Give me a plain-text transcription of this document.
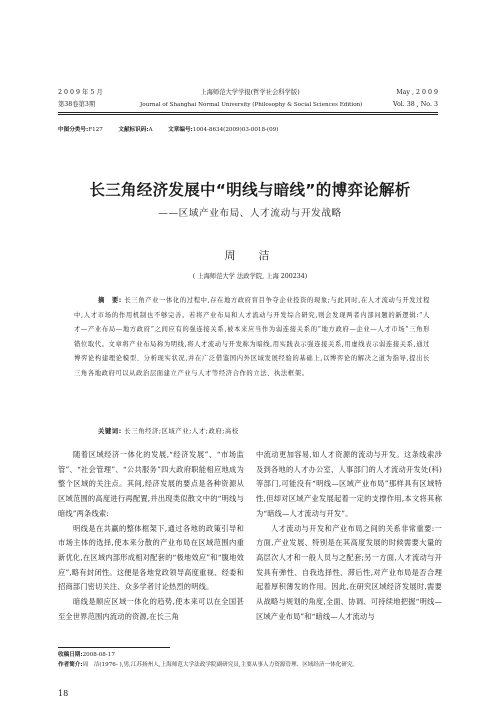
2 0 0 9 年 5 月	上海师范大学学报(哲学社会科学版)	May , 2 0 0 9
第38卷第3期	Journal of Shanghai Normal University (Philosophy & Social Sciences Edition)	Vol. 38 , No. 3
中图分类号:F127	文献标识码:A	文章编号:1004-8634(2009)03-0018-(09)
长三角经济发展中“明线与暗线”的博弈论解析
——区域产业布局、人才流动与开发战略
周　洁
( 上海师范大学 法政学院, 上海 200234)
摘　要: 长三角产业一体化的过程中,存在地方政府盲目争夺企业投资的现象;与此同时,在人才流动与开发过程中,人才市场的作用机制也不够完善。若将产业布局和人才流动与开发综合研究,则会发现两者内部问题的新逻辑:“人才—产业布局—地方政府”之间应有的强连接关系,被本来应当作为弱连接关系的“地方政府—企业—人才市场”三角形错位取代。文章将产业布局称为明线,将人才流动与开发称为暗线,用实践表示强连接关系,用虚线表示弱连接关系,通过博弈论构建理论模型、分析现实状况,并在广泛借鉴国内外区域发展经验的基础上,以博弈论的解决之道为指导,提出长三角各地政府可以从政治层面建立产业与人才等经济合作的立法、执法框架。
关键词: 长三角经济;区域产业;人才;政府;高校

随着区域经济一体化的发展,“经济发展”、“市场监管”、“社会管理”、“公共服务”四大政府职能相应地成为整个区域的关注点。其间,经济发展的要点是各种资源从区域范围的高度进行再配置,并出现类似散文中的“明线与暗线”两条线索:

明线是在共赢的整体框架下,通过各地的政策引导和市场主体的选择,使本来分散的产业布局在区域范围内重新优化,在区域内部形成相对配套的“极地效应”和“腹地效应”,略有封闭性。这便是各地党政领导高度重视、经委和招商部门密切关注、众多学者讨论热烈的明线。

暗线是顺应区域一体化的趋势,使本来可以在全国甚至全世界范围内流动的资源,在长三角

中流动更加容易,如人才资源的流动与开发。这条线索涉及到各地的人才办公室、人事部门的人才流动开发处(科)等部门,可能没有“明线—区域产业布局”那样具有区域特性,但却对区域产业发展起着一定的支撑作用,本文将其称为“暗线—人才流动与开发”。

人才流动与开发和产业布局之间的关系非常重要:一方面,产业发展、特别是在其高度发展的时候需要大量的高层次人才和一般人员与之配套;另一方面,人才流动与开发具有弹性、自我选择性、滞后性,对产业布局是否合理起着厚积薄发的作用。因此,在研究区域经济发展时,需要从战略与规划的角度,全面、协调、可持续地把握“明线—区域产业布局”和“暗线—人才流动与

收稿日期:2008-08-17
作者简介:周　洁(1976- ),男,江苏扬州人,上海师范大学法政学院副研究员,主要从事人力资源管理、区域经济一体化研究。
18
